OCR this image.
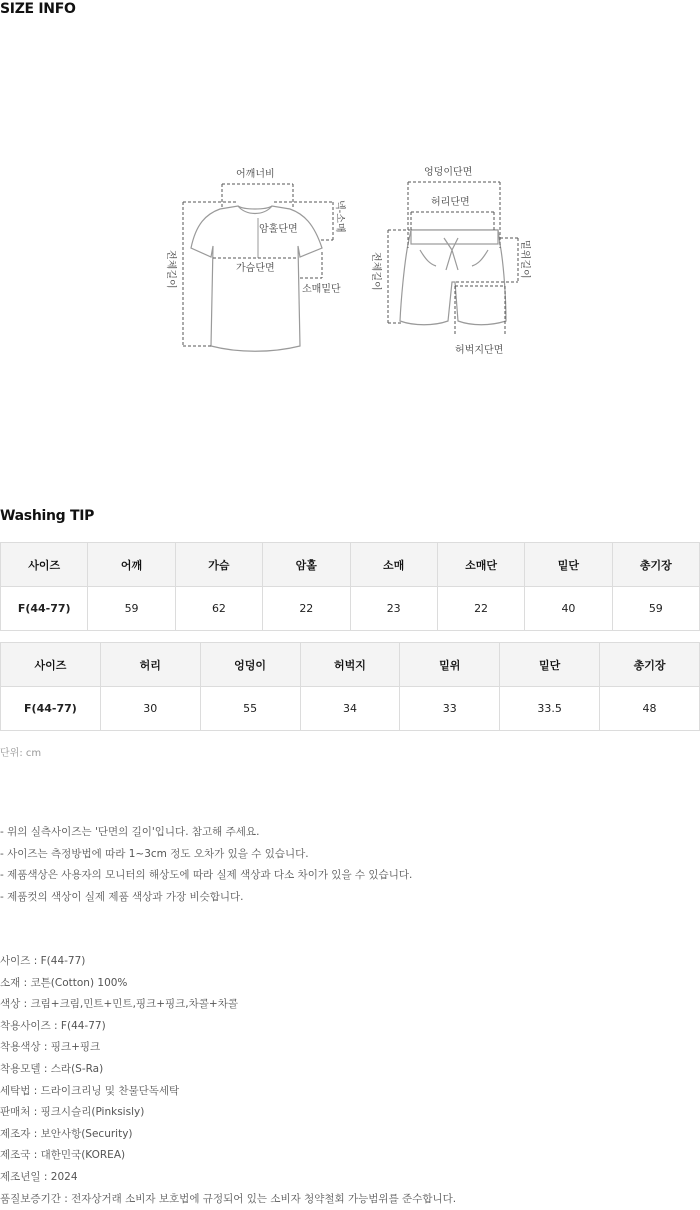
SIZE INFO
어깨너비
넥-소매
암홀단면
가슴단면
소매밑단
전체길이
엉덩이단면
허리단면
밑위길이
전체길이
허벅지단면
Washing TIP
사이즈	어깨	가슴	암홀	소매	소매단	밑단	총기장
F(44-77)	59	62	22	23	22	40	59
사이즈	허리	엉덩이	허벅지	밑위	밑단	총기장
F(44-77)	30	55	34	33	33.5	48
단위: cm
- 위의 실측사이즈는 '단면의 길이'입니다. 참고해 주세요.
- 사이즈는 측정방법에 따라 1~3cm 정도 오차가 있을 수 있습니다.
- 제품색상은 사용자의 모니터의 해상도에 따라 실제 색상과 다소 차이가 있을 수 있습니다.
- 제품컷의 색상이 실제 제품 색상과 가장 비슷합니다.
사이즈 : F(44-77)
소재 : 코튼(Cotton) 100%
색상 : 크림+크림,민트+민트,핑크+핑크,차콜+차콜
착용사이즈 : F(44-77)
착용색상 : 핑크+핑크
착용모델 : 스라(S-Ra)
세탁법 : 드라이크리닝 및 찬물단독세탁
판매처 : 핑크시슬리(Pinksisly)
제조자 : 보안사항(Security)
제조국 : 대한민국(KOREA)
제조년일 : 2024
품질보증기간 : 전자상거래 소비자 보호법에 규정되어 있는 소비자 청약철회 가능범위를 준수합니다.
